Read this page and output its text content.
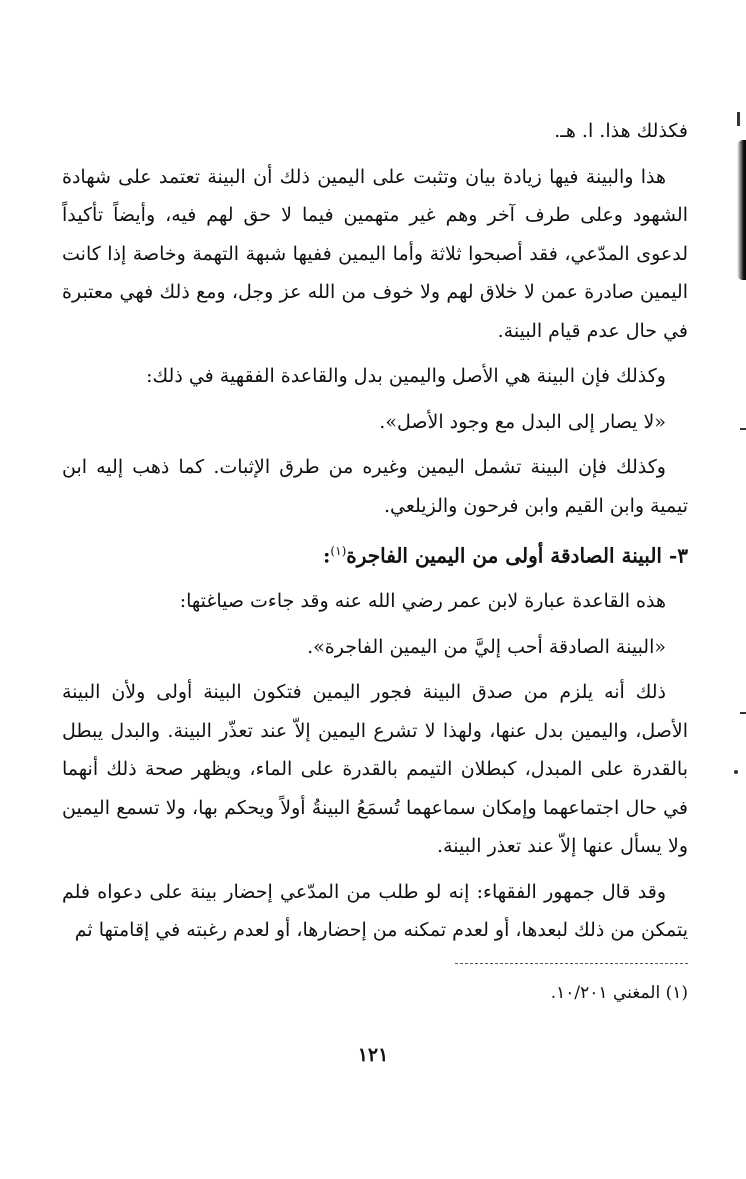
فكذلك هذا. ا. هـ.

هذا والبينة فيها زيادة بيان وتثبت على اليمين ذلك أن البينة تعتمد على شهادة الشهود وعلى طرف آخر وهم غير متهمين فيما لا حق لهم فيه، وأيضاً تأكيداً لدعوى المدّعي، فقد أصبحوا ثلاثة وأما اليمين ففيها شبهة التهمة وخاصة إذا كانت اليمين صادرة عمن لا خلاق لهم ولا خوف من الله عز وجل، ومع ذلك فهي معتبرة في حال عدم قيام البينة.

وكذلك فإن البينة هي الأصل واليمين بدل والقاعدة الفقهية في ذلك:

«لا يصار إلى البدل مع وجود الأصل».

وكذلك فإن البينة تشمل اليمين وغيره من طرق الإثبات. كما ذهب إليه ابن تيمية وابن القيم وابن فرحون والزيلعي.

٣- البينة الصادقة أولى من اليمين الفاجرة$^{(١)}$:

هذه القاعدة عبارة لابن عمر رضي الله عنه وقد جاءت صياغتها:

«البينة الصادقة أحب إليَّ من اليمين الفاجرة».

ذلك أنه يلزم من صدق البينة فجور اليمين فتكون البينة أولى ولأن البينة الأصل، واليمين بدل عنها، ولهذا لا تشرع اليمين إلاّ عند تعذّر البينة. والبدل يبطل بالقدرة على المبدل، كبطلان التيمم بالقدرة على الماء، ويظهر صحة ذلك أنهما في حال اجتماعهما وإمكان سماعهما تُسمَعُ البينةُ أولاً ويحكم بها، ولا تسمع اليمين ولا يسأل عنها إلاّ عند تعذر البينة.

وقد قال جمهور الفقهاء: إنه لو طلب من المدّعي إحضار بينة على دعواه فلم يتمكن من ذلك لبعدها، أو لعدم تمكنه من إحضارها، أو لعدم رغبته في إقامتها ثم

(١) المغني ١٠/٢٠١.
١٢١
